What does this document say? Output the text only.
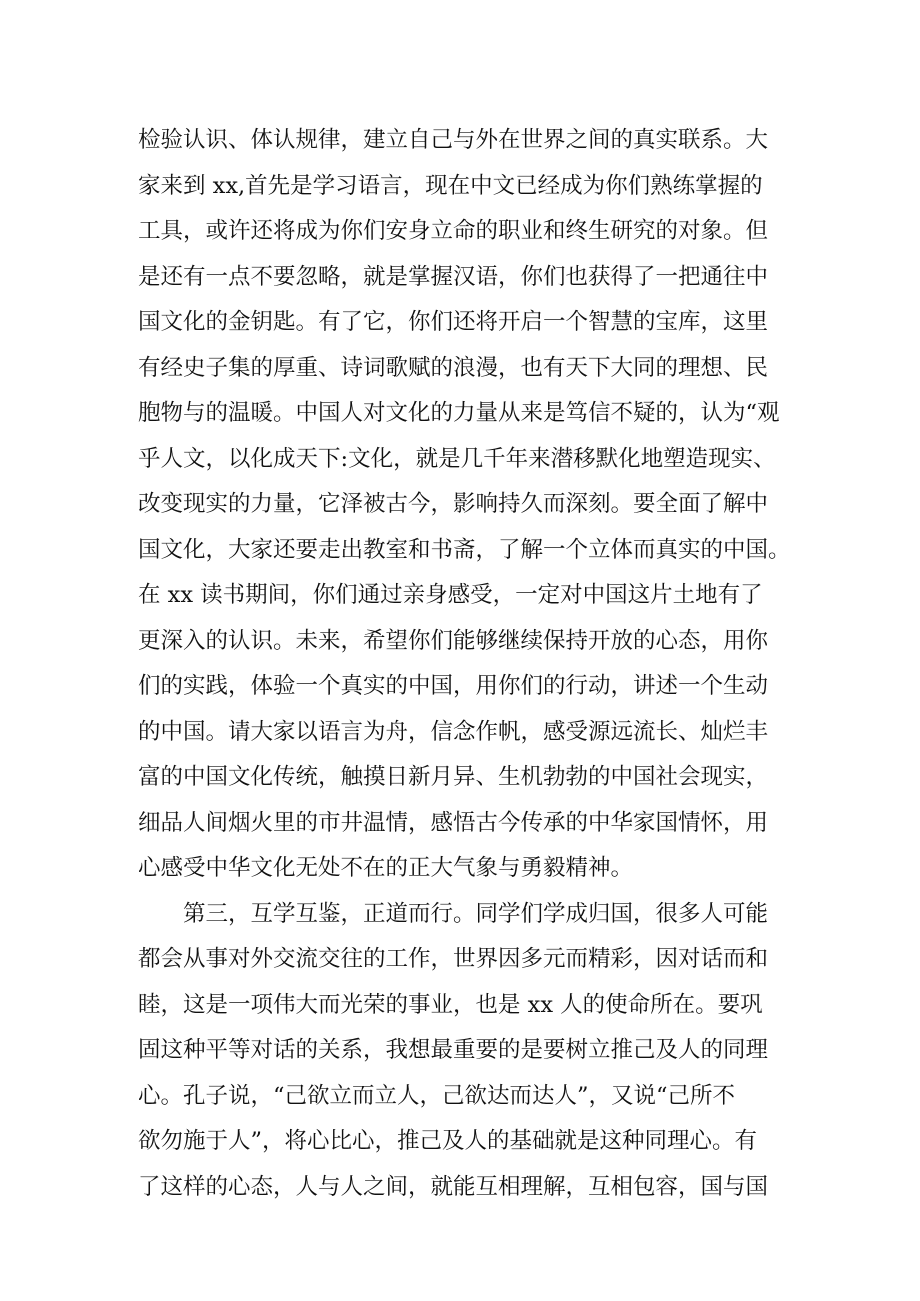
检验认识、体认规律，建立自己与外在世界之间的真实联系。大
家来到 xx,首先是学习语言，现在中文已经成为你们熟练掌握的
工具，或许还将成为你们安身立命的职业和终生研究的对象。但
是还有一点不要忽略，就是掌握汉语，你们也获得了一把通往中
国文化的金钥匙。有了它，你们还将开启一个智慧的宝库，这里
有经史子集的厚重、诗词歌赋的浪漫，也有天下大同的理想、民
胞物与的温暖。中国人对文化的力量从来是笃信不疑的，认为“观
乎人文，以化成天下:文化，就是几千年来潜移默化地塑造现实、
改变现实的力量，它泽被古今，影响持久而深刻。要全面了解中
国文化，大家还要走出教室和书斋，了解一个立体而真实的中国。
在 xx 读书期间，你们通过亲身感受，一定对中国这片土地有了
更深入的认识。未来，希望你们能够继续保持开放的心态，用你
们的实践，体验一个真实的中国，用你们的行动，讲述一个生动
的中国。请大家以语言为舟，信念作帆，感受源远流长、灿烂丰
富的中国文化传统，触摸日新月异、生机勃勃的中国社会现实，
细品人间烟火里的市井温情，感悟古今传承的中华家国情怀，用
心感受中华文化无处不在的正大气象与勇毅精神。
第三，互学互鉴，正道而行。同学们学成归国，很多人可能
都会从事对外交流交往的工作，世界因多元而精彩，因对话而和
睦，这是一项伟大而光荣的事业，也是 xx 人的使命所在。要巩
固这种平等对话的关系，我想最重要的是要树立推己及人的同理
心。孔子说，“己欲立而立人，己欲达而达人”，又说“己所不
欲勿施于人”，将心比心，推己及人的基础就是这种同理心。有
了这样的心态，人与人之间，就能互相理解，互相包容，国与国
